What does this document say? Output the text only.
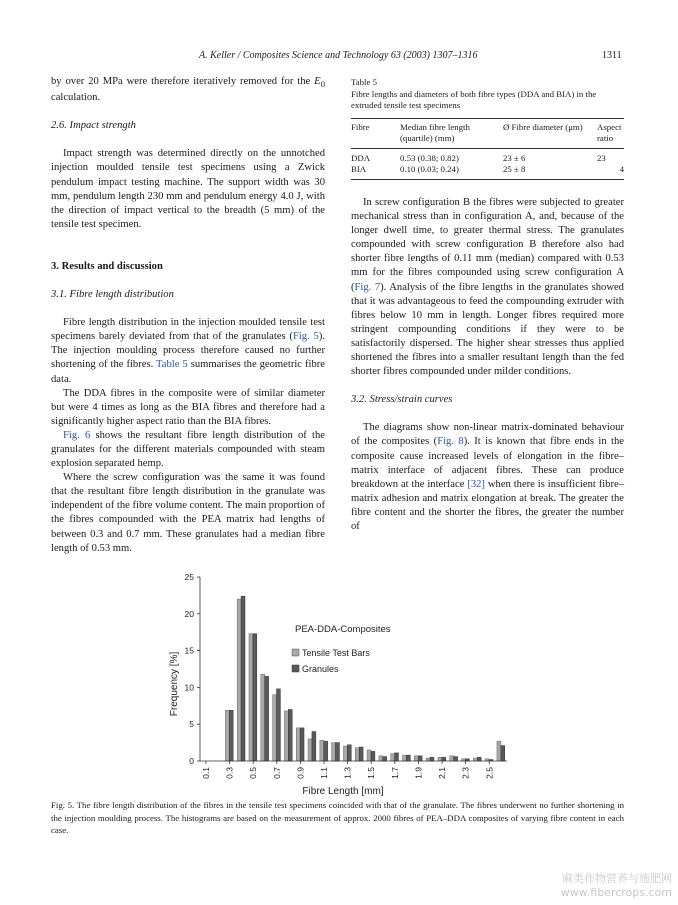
A. Keller / Composites Science and Technology 63 (2003) 1307–1316	1311

by over 20 MPa were therefore iteratively removed for the $E_0$ calculation.

2.6. Impact strength

Impact strength was determined directly on the unnotched injection moulded tensile test specimens using a Zwick pendulum impact testing machine. The support width was 30 mm, pendulum length 230 mm and pendulum energy 4.0 J, with the direction of impact vertical to the breadth (5 mm) of the tensile test specimen.

3. Results and discussion

3.1. Fibre length distribution

Fibre length distribution in the injection moulded tensile test specimens barely deviated from that of the granulates (Fig. 5). The injection moulding process therefore caused no further shortening of the fibres. Table 5 summarises the geometric fibre data.

The DDA fibres in the composite were of similar diameter but were 4 times as long as the BIA fibres and therefore had a significantly higher aspect ratio than the BIA fibres.

Fig. 6 shows the resultant fibre length distribution of the granulates for the different materials compounded with steam explosion separated hemp.

Where the screw configuration was the same it was found that the resultant fibre length distribution in the granulate was independent of the fibre volume content. The main proportion of the fibres compounded with the PEA matrix had lengths of between 0.3 and 0.7 mm. These granulates had a median fibre length of 0.53 mm.

Table 5

Fibre lengths and diameters of both fibre types (DDA and BIA) in the extruded tensile test specimens

Fibre	Median fibre length (quartile) (mm)	Ø Fibre diameter (μm)	Aspect ratio
DDA	0.53 (0.38; 0.82)	23 ± 6	23
BIA	0.10 (0.03; 0.24)	25 ± 8	4

In screw configuration B the fibres were subjected to greater mechanical stress than in configuration A, and, because of the longer dwell time, to greater thermal stress. The granulates compounded with screw configuration B therefore also had shorter fibre lengths of 0.11 mm (median) compared with 0.53 mm for the fibres compounded using screw configuration A (Fig. 7). Analysis of the fibre lengths in the granulates showed that it was advantageous to feed the compounding extruder with fibres below 10 mm in length. Longer fibres required more stringent compounding conditions if they were to be satisfactorily dispersed. The higher shear stresses thus applied shortened the fibres into a smaller resultant length than the fed shorter fibres compounded under milder conditions.

3.2. Stress/strain curves

The diagrams show non-linear matrix-dominated behaviour of the composites (Fig. 8). It is known that fibre ends in the composite cause increased levels of elongation in the fibre–matrix interface of adjacent fibres. These can produce breakdown at the interface [32] when there is insufficient fibre–matrix adhesion and matrix elongation at break. The greater the fibre content and the shorter the fibres, the greater the number of

Frequency [%]
Fibre Length [mm]
PEA-DDA-Composites
Tensile Test Bars
Granules
0
5
10
15
20
25
0.1 0.3 0.5 0.7 0.9 1.1 1.3 1.5 1.7 1.9 2.1 2.3 2.5
Fig. 5. The fibre length distribution of the fibres in the tensile test specimens coincided with that of the granulate. The fibres underwent no further shortening in the injection moulding process. The histograms are based on the measurement of approx. 2000 fibres of PEA–DDA composites of varying fibre content in each case.
麻类作物营养与施肥网
www.fibercrops.com
